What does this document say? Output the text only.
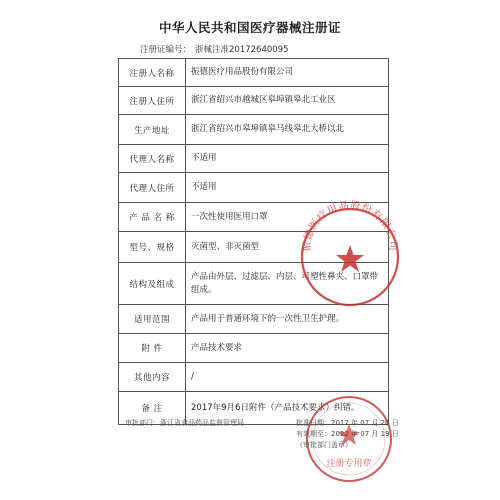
中华人民共和国医疗器械注册证
注册证编号： 浙械注准20172640095
注册人名称	振德医疗用品股份有限公司
注册人住所	浙江省绍兴市越城区皋埠镇皋北工业区
生产地址	浙江省绍兴市皋埠镇皋马线皋北大桥以北
代理人名称	不适用
代理人住所	不适用
产 品 名 称	一次性使用医用口罩
型号、规格	灭菌型、非灭菌型
结构及组成	产品由外层、过滤层、内层、可塑性鼻夹、口罩带组成。
适用范围	产品用于普通环境下的一次性卫生护理。
附 件	产品技术要求
其他内容	/
备 注	2017年9月6日附件（产品技术要求）纠错。
振德医疗用品股份有限公司
注册专用章
审批部门：浙江省食品药品监督管理局	批准日期：2017 年 07 月 20 日
有效期至：2022 年 07 月 19 日
（审批部门盖章）
